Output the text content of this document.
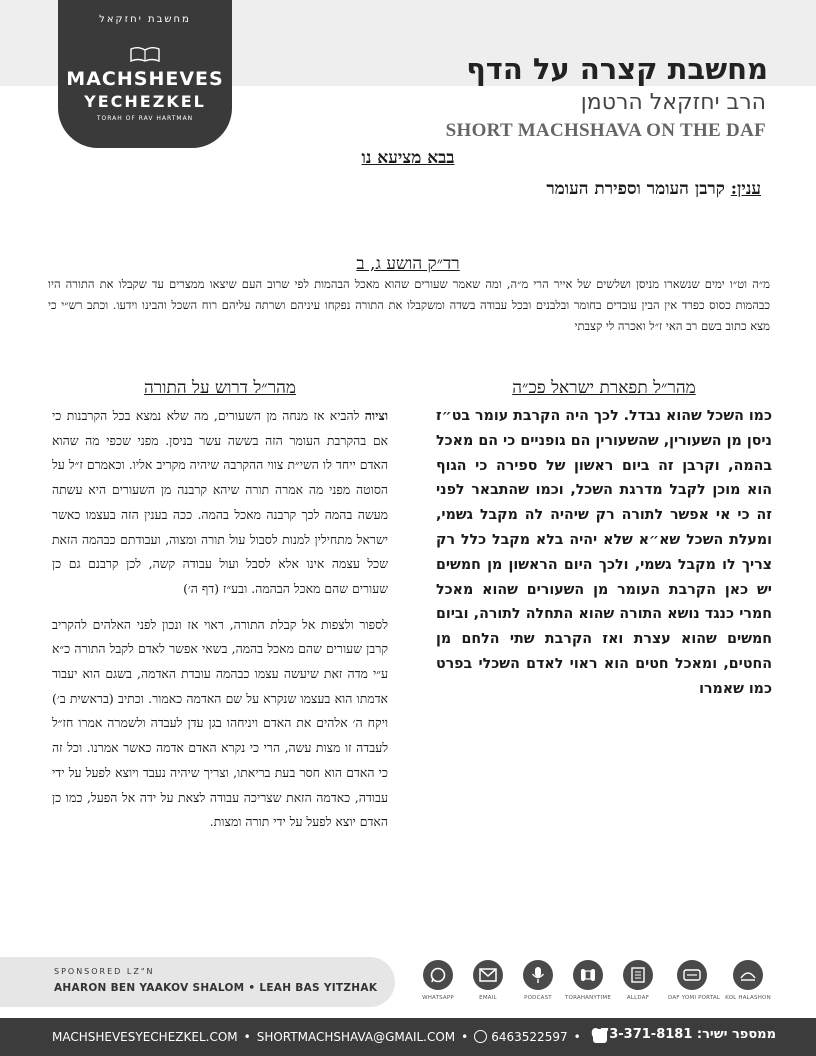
מחשבת יחזקאל
MACHSHEVES
YECHEZKEL
TORAH OF RAV HARTMAN
מחשבת קצרה על הדף
הרב יחזקאל הרטמן
SHORT MACHSHAVA ON THE DAF
בבא מציעא נו
ענין: קרבן העומר וספירת העומר
רד״ק הושע ג, ב
מ״ה וט״ו ימים שנשארו מניסן ושלשים של אייר הרי מ״ה, ומה שאמר שעורים שהוא מאכל הבהמות לפי שרוב העם שיצאו ממצרים עד שקבלו את התורה היו כבהמות כסוס כפרד אין הבין עובדים בחומר ובלבנים ובכל עבודה בשדה ומשקבלו את התורה נפקחו עיניהם ושרתה עליהם רוח השכל והבינו וידעו. וכתב רש״י כי מצא כתוב בשם רב האי ז״ל ואכרה לי קצבתי
מהר״ל תפארת ישראל פכ״ה
כמו השכל שהוא נבדל. לכך היה הקרבת עומר בט״ז ניסן מן השעורין, שהשעורין הם גופניים כי הם מאכל בהמה, וקרבן זה ביום ראשון של ספירה כי הגוף הוא מוכן לקבל מדרגת השכל, וכמו שהתבאר לפני זה כי אי אפשר לתורה רק שיהיה לה מקבל גשמי, ומעלת השכל שא״א שלא יהיה בלא מקבל כלל רק צריך לו מקבל גשמי, ולכך היום הראשון מן חמשים יש כאן הקרבת העומר מן השעורים שהוא מאכל חמרי כנגד נושא התורה שהוא התחלה לתורה, וביום חמשים שהוא עצרת ואז הקרבת שתי הלחם מן החטים, ומאכל חטים הוא ראוי לאדם השכלי בפרט כמו שאמרו
מהר״ל דרוש על התורה

וציוה להביא אז מנחה מן השעורים, מה שלא נמצא בכל הקרבנות כי אם בהקרבת העומר הזה בששה עשר בניסן. מפני שכפי מה שהוא האדם ייחד לו השי״ת צווי ההקרבה שיהיה מקריב אליו. וכאמרם ז״ל על הסוטה מפני מה אמרה תורה שיהא קרבנה מן השעורים היא עשתה מעשה בהמה לכך קרבנה מאכל בהמה. ככה בענין הזה בעצמו כאשר ישראל מתחילין למנות לסבול עול תורה ומצוה, ועבודתם כבהמה הזאת שכל עצמה אינו אלא לסבל ועול עבודה קשה, לכן קרבנם גם כן שעורים שהם מאכל הבהמה. ובע״ז (דף ה׳)

לספור ולצפות אל קבלת התורה, ראוי אז ונכון לפני האלהים להקריב קרבן שעורים שהם מאכל בהמה, בשאי אפשר לאדם לקבל התורה כ״א ע״י מדה זאת שיעשה עצמו כבהמה עובדת האדמה, בשגם הוא יעבוד אדמתו הוא בעצמו שנקרא על שם האדמה כאמור. וכתיב (בראשית ב׳) ויקח ה׳ אלהים את האדם ויניחהו בגן עדן לעבדה ולשמרה אמרו חז״ל לעבדה זו מצות עשה, הרי כי נקרא האדם אדמה כאשר אמרנו. וכל זה כי האדם הוא חסר בעת בריאתו, וצריך שיהיה נעבד ויוצא לפעל על ידי עבודה, כאדמה הזאת שצריכה עבודה לצאת על ידה אל הפעל, כמו כן האדם יוצא לפעל על ידי תורה ומצות.

SPONSORED LZ"N
AHARON BEN YAAKOV SHALOM • LEAH BAS YITZHAK
WHATSAPP	EMAIL	PODCAST	TORAHANYTIME	ALLDAF	DAF YOMI PORTAL KOL HALASHON
MACHSHEVESYECHEZKEL.COM • SHORTMACHSHAVA@GMAIL.COM • 6463522597 •	ממספר ישיר: 073-371-8181
